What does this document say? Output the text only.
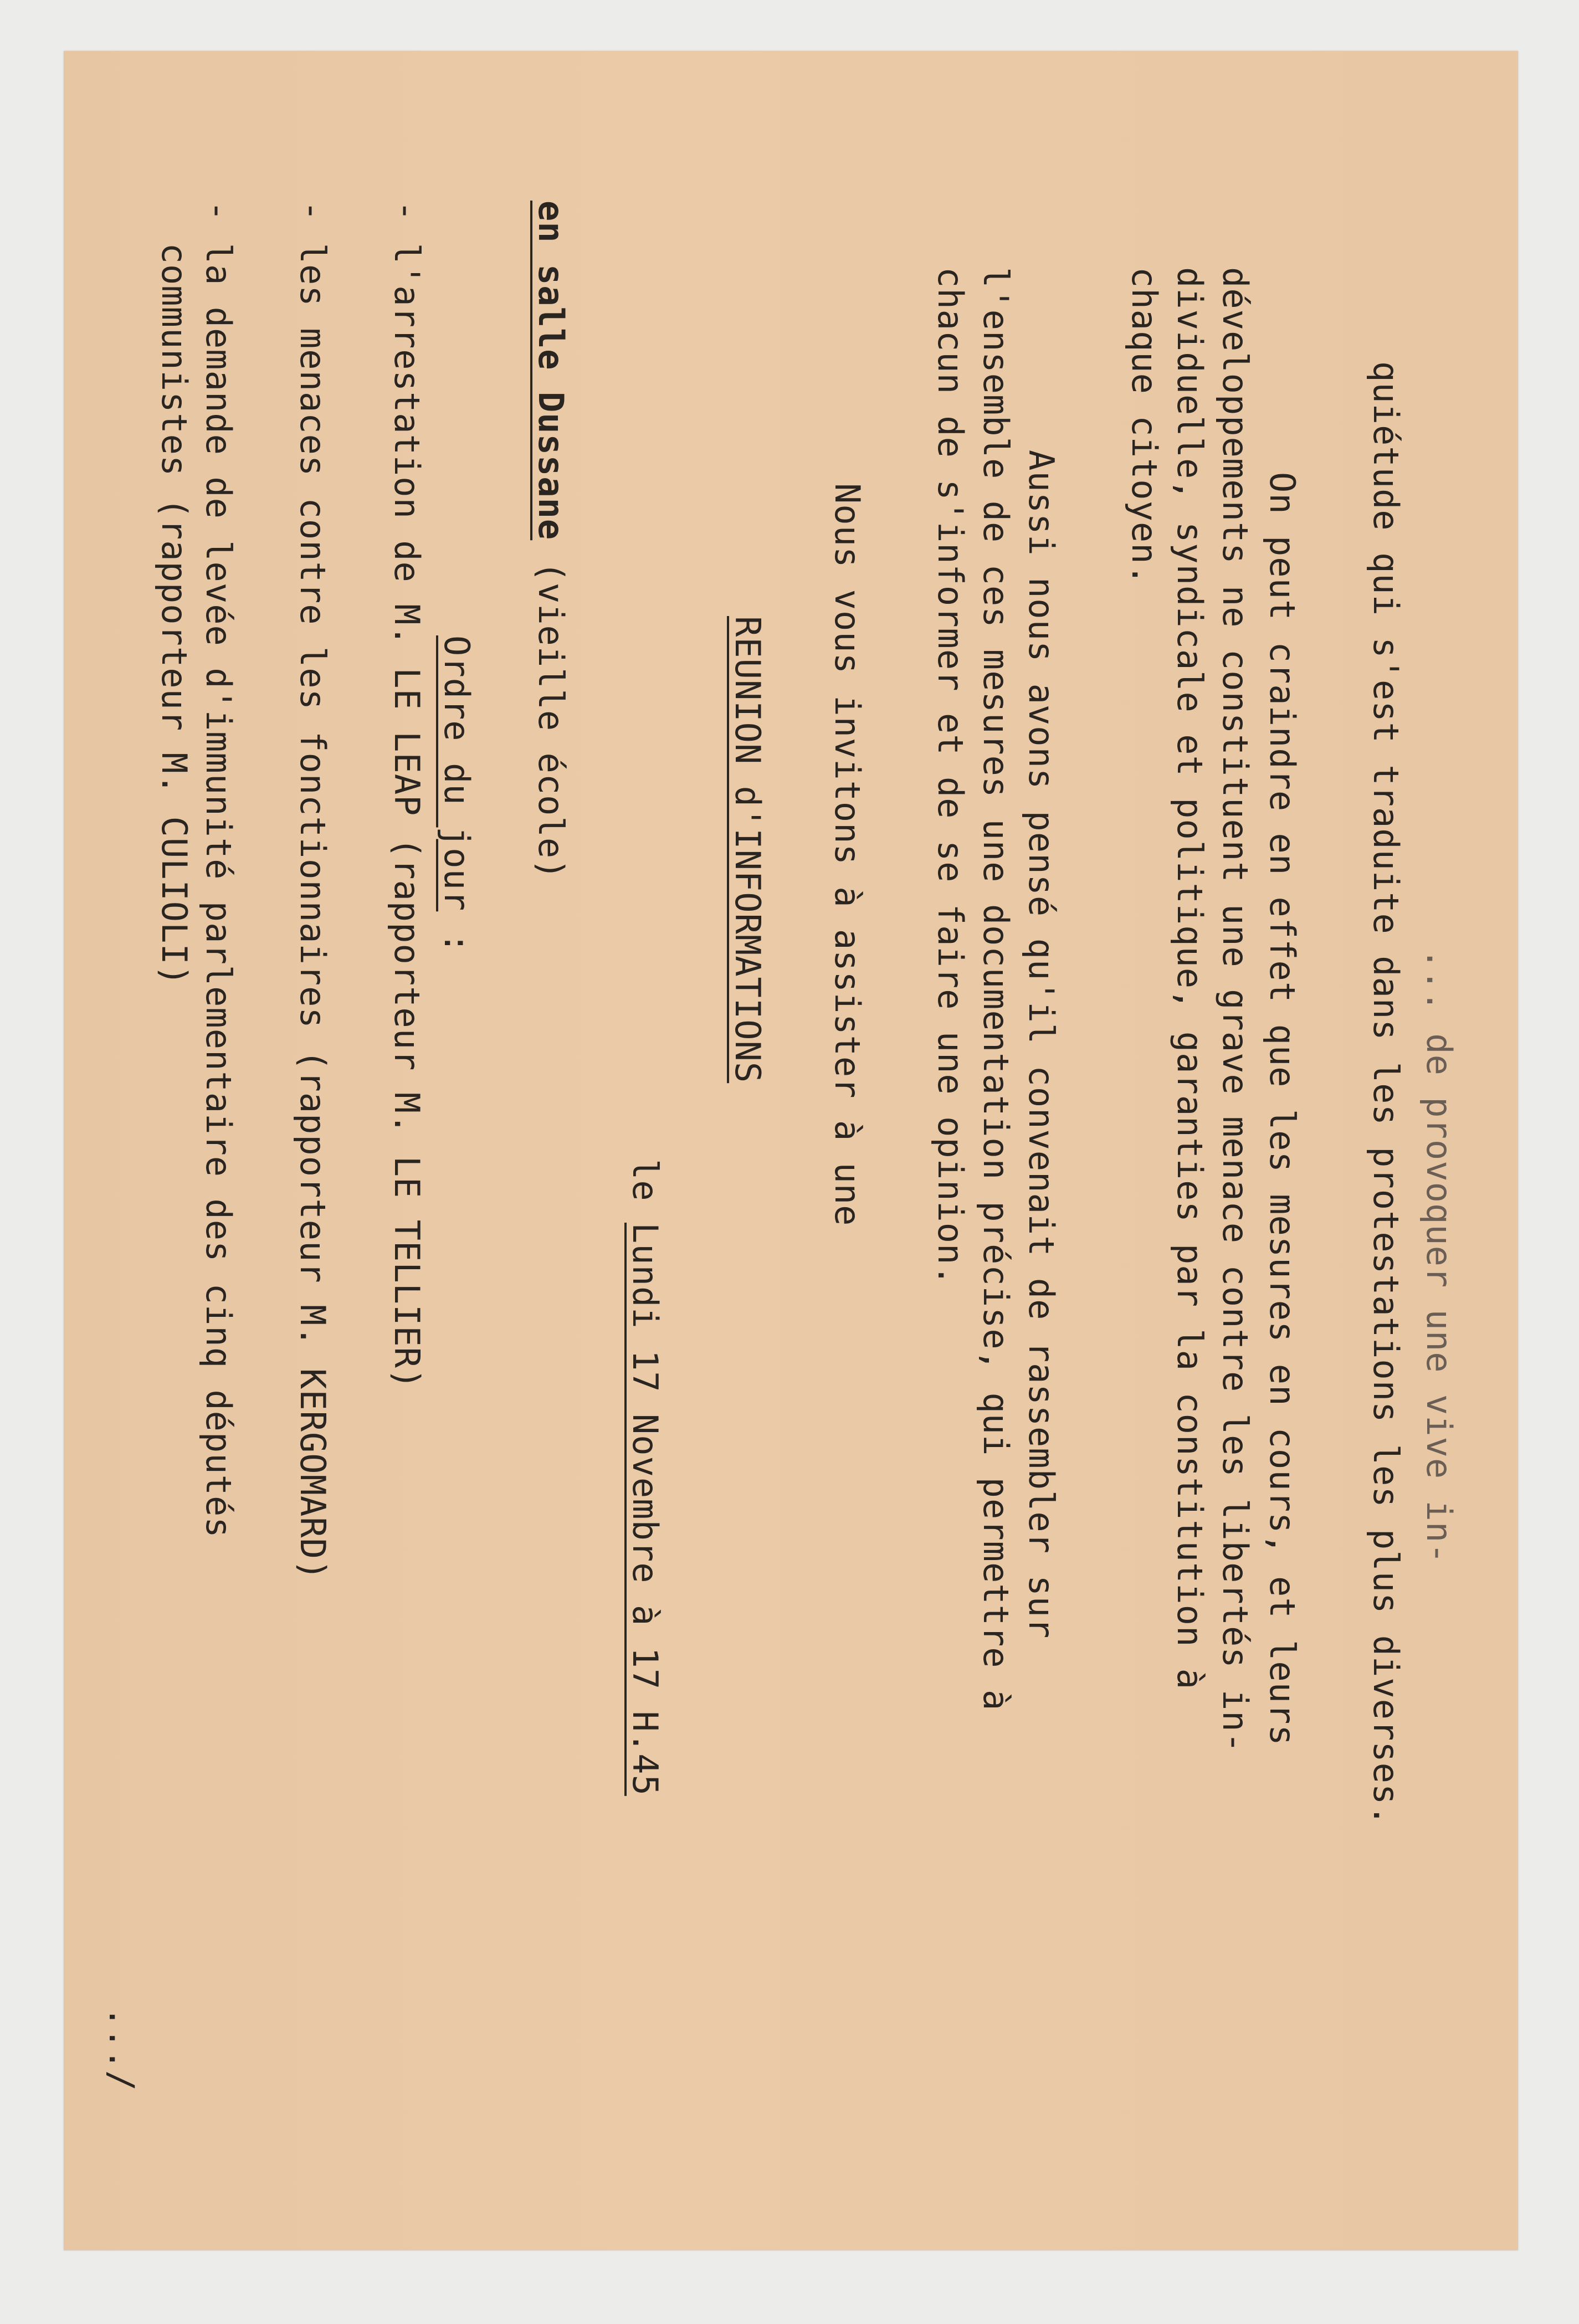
... de provoquer une vive in-
quiétude qui s'est traduite dans les protestations les plus diverses.
On peut craindre en effet que les mesures en cours, et leurs
développements ne constituent une grave menace contre les libertés in-
dividuelle, syndicale et politique, garanties par la constitution à
chaque citoyen.
Aussi nous avons pensé qu'il convenait de rassembler sur
l'ensemble de ces mesures une documentation précise, qui permettre à
chacun de s'informer et de se faire une opinion.
Nous vous invitons à assister à une
REUNION d'INFORMATIONS
le Lundi 17 Novembre à 17 H.45
en salle Dussane (vieille école)
Ordre du jour :
- l'arrestation de M. LE LEAP (rapporteur M. LE TELLIER)
- les menaces contre les fonctionnaires (rapporteur M. KERGOMARD)
- la demande de levée d'immunité parlementaire des cinq députés
communistes (rapporteur M. CULIOLI)
.../
